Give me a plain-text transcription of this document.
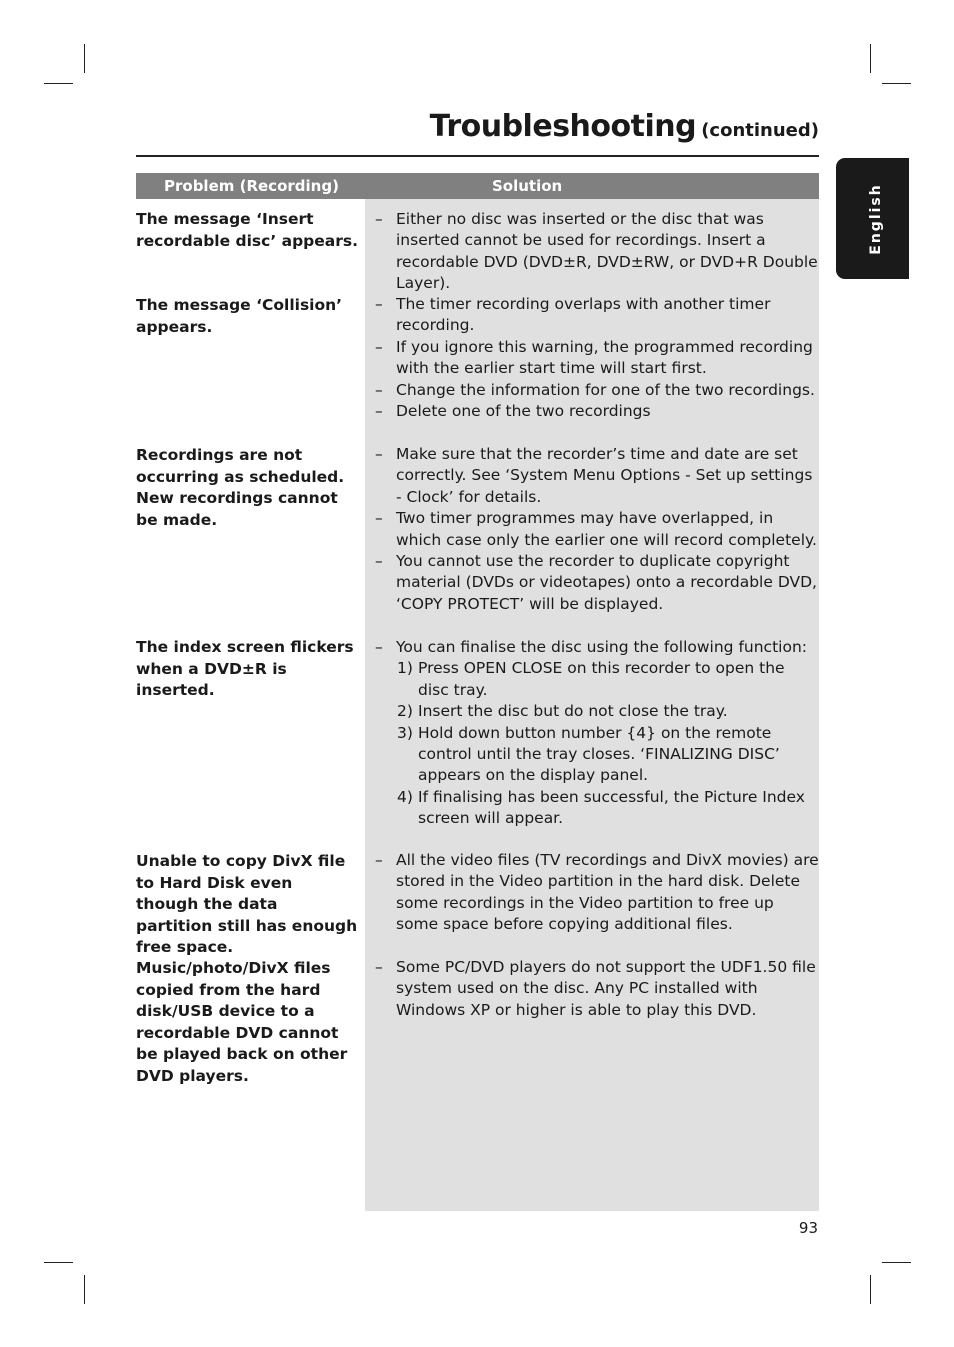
Troubleshooting (continued)
English
Problem (Recording)	Solution
The message ‘Insert recordable disc’ appears.
– Either no disc was inserted or the disc that was inserted cannot be used for recordings. Insert a recordable DVD (DVD±R, DVD±RW, or DVD+R Double Layer).
The message ‘Collision’ appears.
– The timer recording overlaps with another timer recording.
– If you ignore this warning, the programmed recording with the earlier start time will start first.
– Change the information for one of the two recordings.
– Delete one of the two recordings
Recordings are not occurring as scheduled. New recordings cannot be made.
– Make sure that the recorder’s time and date are set correctly. See ‘System Menu Options - Set up settings - Clock’ for details.
– Two timer programmes may have overlapped, in which case only the earlier one will record completely.
– You cannot use the recorder to duplicate copyright material (DVDs or videotapes) onto a recordable DVD, ‘COPY PROTECT’ will be displayed.
The index screen flickers when a DVD±R is inserted.
– You can finalise the disc using the following function:
1) Press OPEN CLOSE on this recorder to open the disc tray.
2) Insert the disc but do not close the tray.
3) Hold down button number {4} on the remote control until the tray closes. ‘FINALIZING DISC’ appears on the display panel.
4) If finalising has been successful, the Picture Index screen will appear.
Unable to copy DivX file to Hard Disk even though the data partition still has enough free space.
– All the video files (TV recordings and DivX movies) are stored in the Video partition in the hard disk. Delete some recordings in the Video partition to free up some space before copying additional files.
Music/photo/DivX files copied from the hard disk/USB device to a recordable DVD cannot be played back on other DVD players.
– Some PC/DVD players do not support the UDF1.50 file system used on the disc. Any PC installed with Windows XP or higher is able to play this DVD.
93
